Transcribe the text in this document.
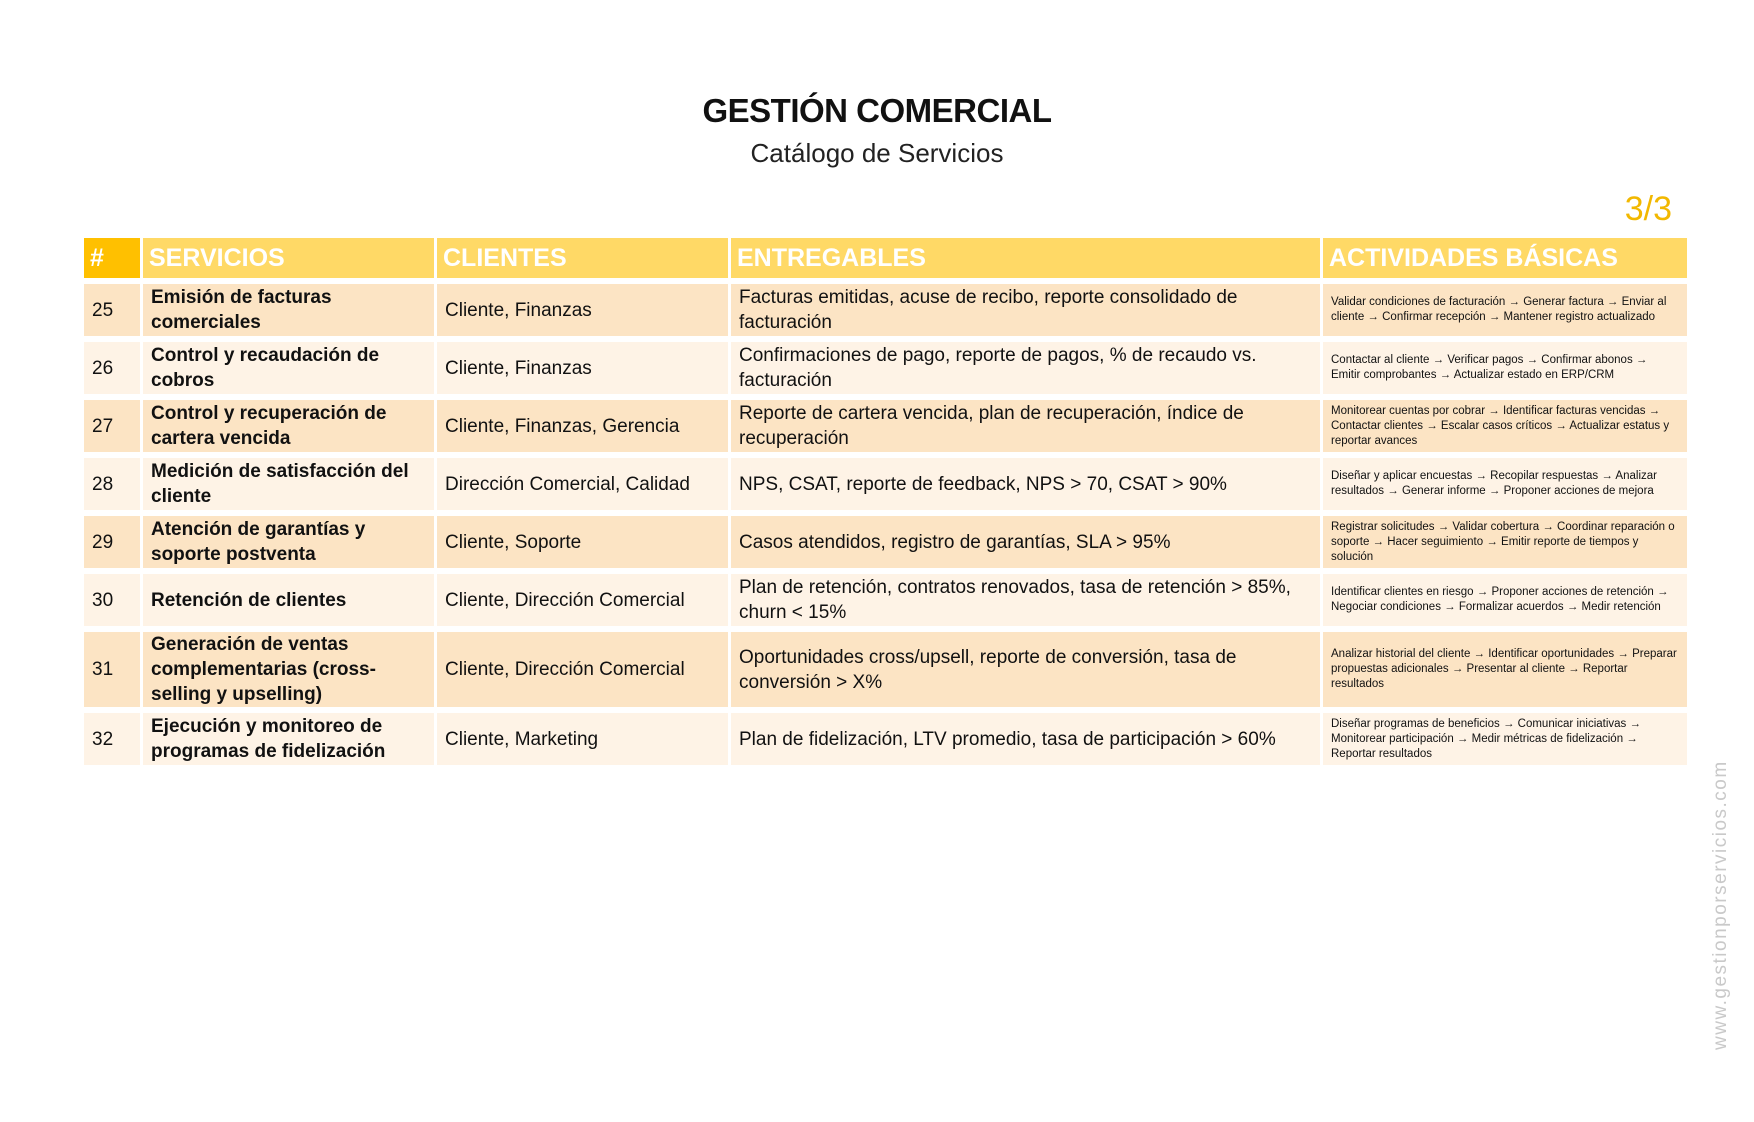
GESTIÓN COMERCIAL
Catálogo de Servicios
3/3
#	SERVICIOS	CLIENTES	ENTREGABLES	ACTIVIDADES BÁSICAS
25	Emisión de facturas comerciales	Cliente, Finanzas	Facturas emitidas, acuse de recibo, reporte consolidado de facturación	Validar condiciones de facturación → Generar factura → Enviar al cliente → Confirmar recepción → Mantener registro actualizado
26	Control y recaudación de cobros	Cliente, Finanzas	Confirmaciones de pago, reporte de pagos, % de recaudo vs. facturación	Contactar al cliente → Verificar pagos → Confirmar abonos → Emitir comprobantes → Actualizar estado en ERP/CRM
27	Control y recuperación de cartera vencida	Cliente, Finanzas, Gerencia	Reporte de cartera vencida, plan de recuperación, índice de recuperación	Monitorear cuentas por cobrar → Identificar facturas vencidas → Contactar clientes → Escalar casos críticos → Actualizar estatus y reportar avances
28	Medición de satisfacción del cliente	Dirección Comercial, Calidad	NPS, CSAT, reporte de feedback, NPS > 70, CSAT > 90%	Diseñar y aplicar encuestas → Recopilar respuestas → Analizar resultados → Generar informe → Proponer acciones de mejora
29	Atención de garantías y soporte postventa	Cliente, Soporte	Casos atendidos, registro de garantías, SLA > 95%	Registrar solicitudes → Validar cobertura → Coordinar reparación o soporte → Hacer seguimiento → Emitir reporte de tiempos y solución
30	Retención de clientes	Cliente, Dirección Comercial	Plan de retención, contratos renovados, tasa de retención > 85%, churn < 15%	Identificar clientes en riesgo → Proponer acciones de retención → Negociar condiciones → Formalizar acuerdos → Medir retención
31	Generación de ventas complementarias (cross-selling y upselling)	Cliente, Dirección Comercial	Oportunidades cross/upsell, reporte de conversión, tasa de conversión > X%	Analizar historial del cliente → Identificar oportunidades → Preparar propuestas adicionales → Presentar al cliente → Reportar resultados
32	Ejecución y monitoreo de programas de fidelización	Cliente, Marketing	Plan de fidelización, LTV promedio, tasa de participación > 60%	Diseñar programas de beneficios → Comunicar iniciativas → Monitorear participación → Medir métricas de fidelización → Reportar resultados
www.gestionporservicios.com
